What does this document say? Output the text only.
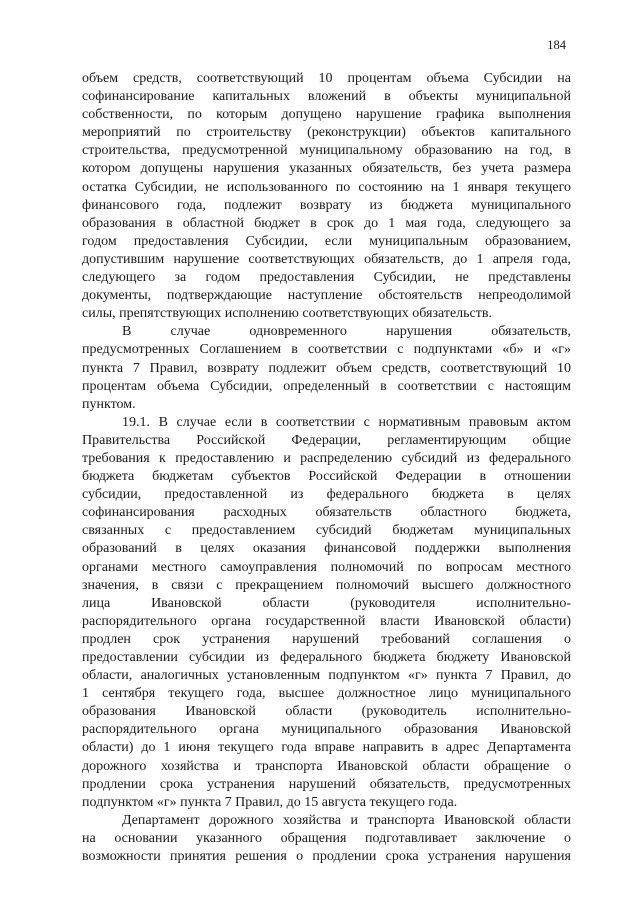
184
объем средств, соответствующий 10 процентам объема Субсидии на
софинансирование капитальных вложений в объекты муниципальной
собственности, по которым допущено нарушение графика выполнения
мероприятий по строительству (реконструкции) объектов капитального
строительства, предусмотренной муниципальному образованию на год, в
котором допущены нарушения указанных обязательств, без учета размера
остатка Субсидии, не использованного по состоянию на 1 января текущего
финансового года, подлежит возврату из бюджета муниципального
образования в областной бюджет в срок до 1 мая года, следующего за
годом предоставления Субсидии, если муниципальным образованием,
допустившим нарушение соответствующих обязательств, до 1 апреля года,
следующего за годом предоставления Субсидии, не представлены
документы, подтверждающие наступление обстоятельств непреодолимой
силы, препятствующих исполнению соответствующих обязательств.
В случае одновременного нарушения обязательств,
предусмотренных Соглашением в соответствии с подпунктами «б» и «г»
пункта 7 Правил, возврату подлежит объем средств, соответствующий 10
процентам объема Субсидии, определенный в соответствии с настоящим
пунктом.
19.1. В случае если в соответствии с нормативным правовым актом
Правительства Российской Федерации, регламентирующим общие
требования к предоставлению и распределению субсидий из федерального
бюджета бюджетам субъектов Российской Федерации в отношении
субсидии, предоставленной из федерального бюджета в целях
софинансирования расходных обязательств областного бюджета,
связанных с предоставлением субсидий бюджетам муниципальных
образований в целях оказания финансовой поддержки выполнения
органами местного самоуправления полномочий по вопросам местного
значения, в связи с прекращением полномочий высшего должностного
лица Ивановской области (руководителя исполнительно-
распорядительного органа государственной власти Ивановской области)
продлен срок устранения нарушений требований соглашения о
предоставлении субсидии из федерального бюджета бюджету Ивановской
области, аналогичных установленным подпунктом «г» пункта 7 Правил, до
1 сентября текущего года, высшее должностное лицо муниципального
образования Ивановской области (руководитель исполнительно-
распорядительного органа муниципального образования Ивановской
области) до 1 июня текущего года вправе направить в адрес Департамента
дорожного хозяйства и транспорта Ивановской области обращение о
продлении срока устранения нарушений обязательств, предусмотренных
подпунктом «г» пункта 7 Правил, до 15 августа текущего года.
Департамент дорожного хозяйства и транспорта Ивановской области
на основании указанного обращения подготавливает заключение о
возможности принятия решения о продлении срока устранения нарушения
